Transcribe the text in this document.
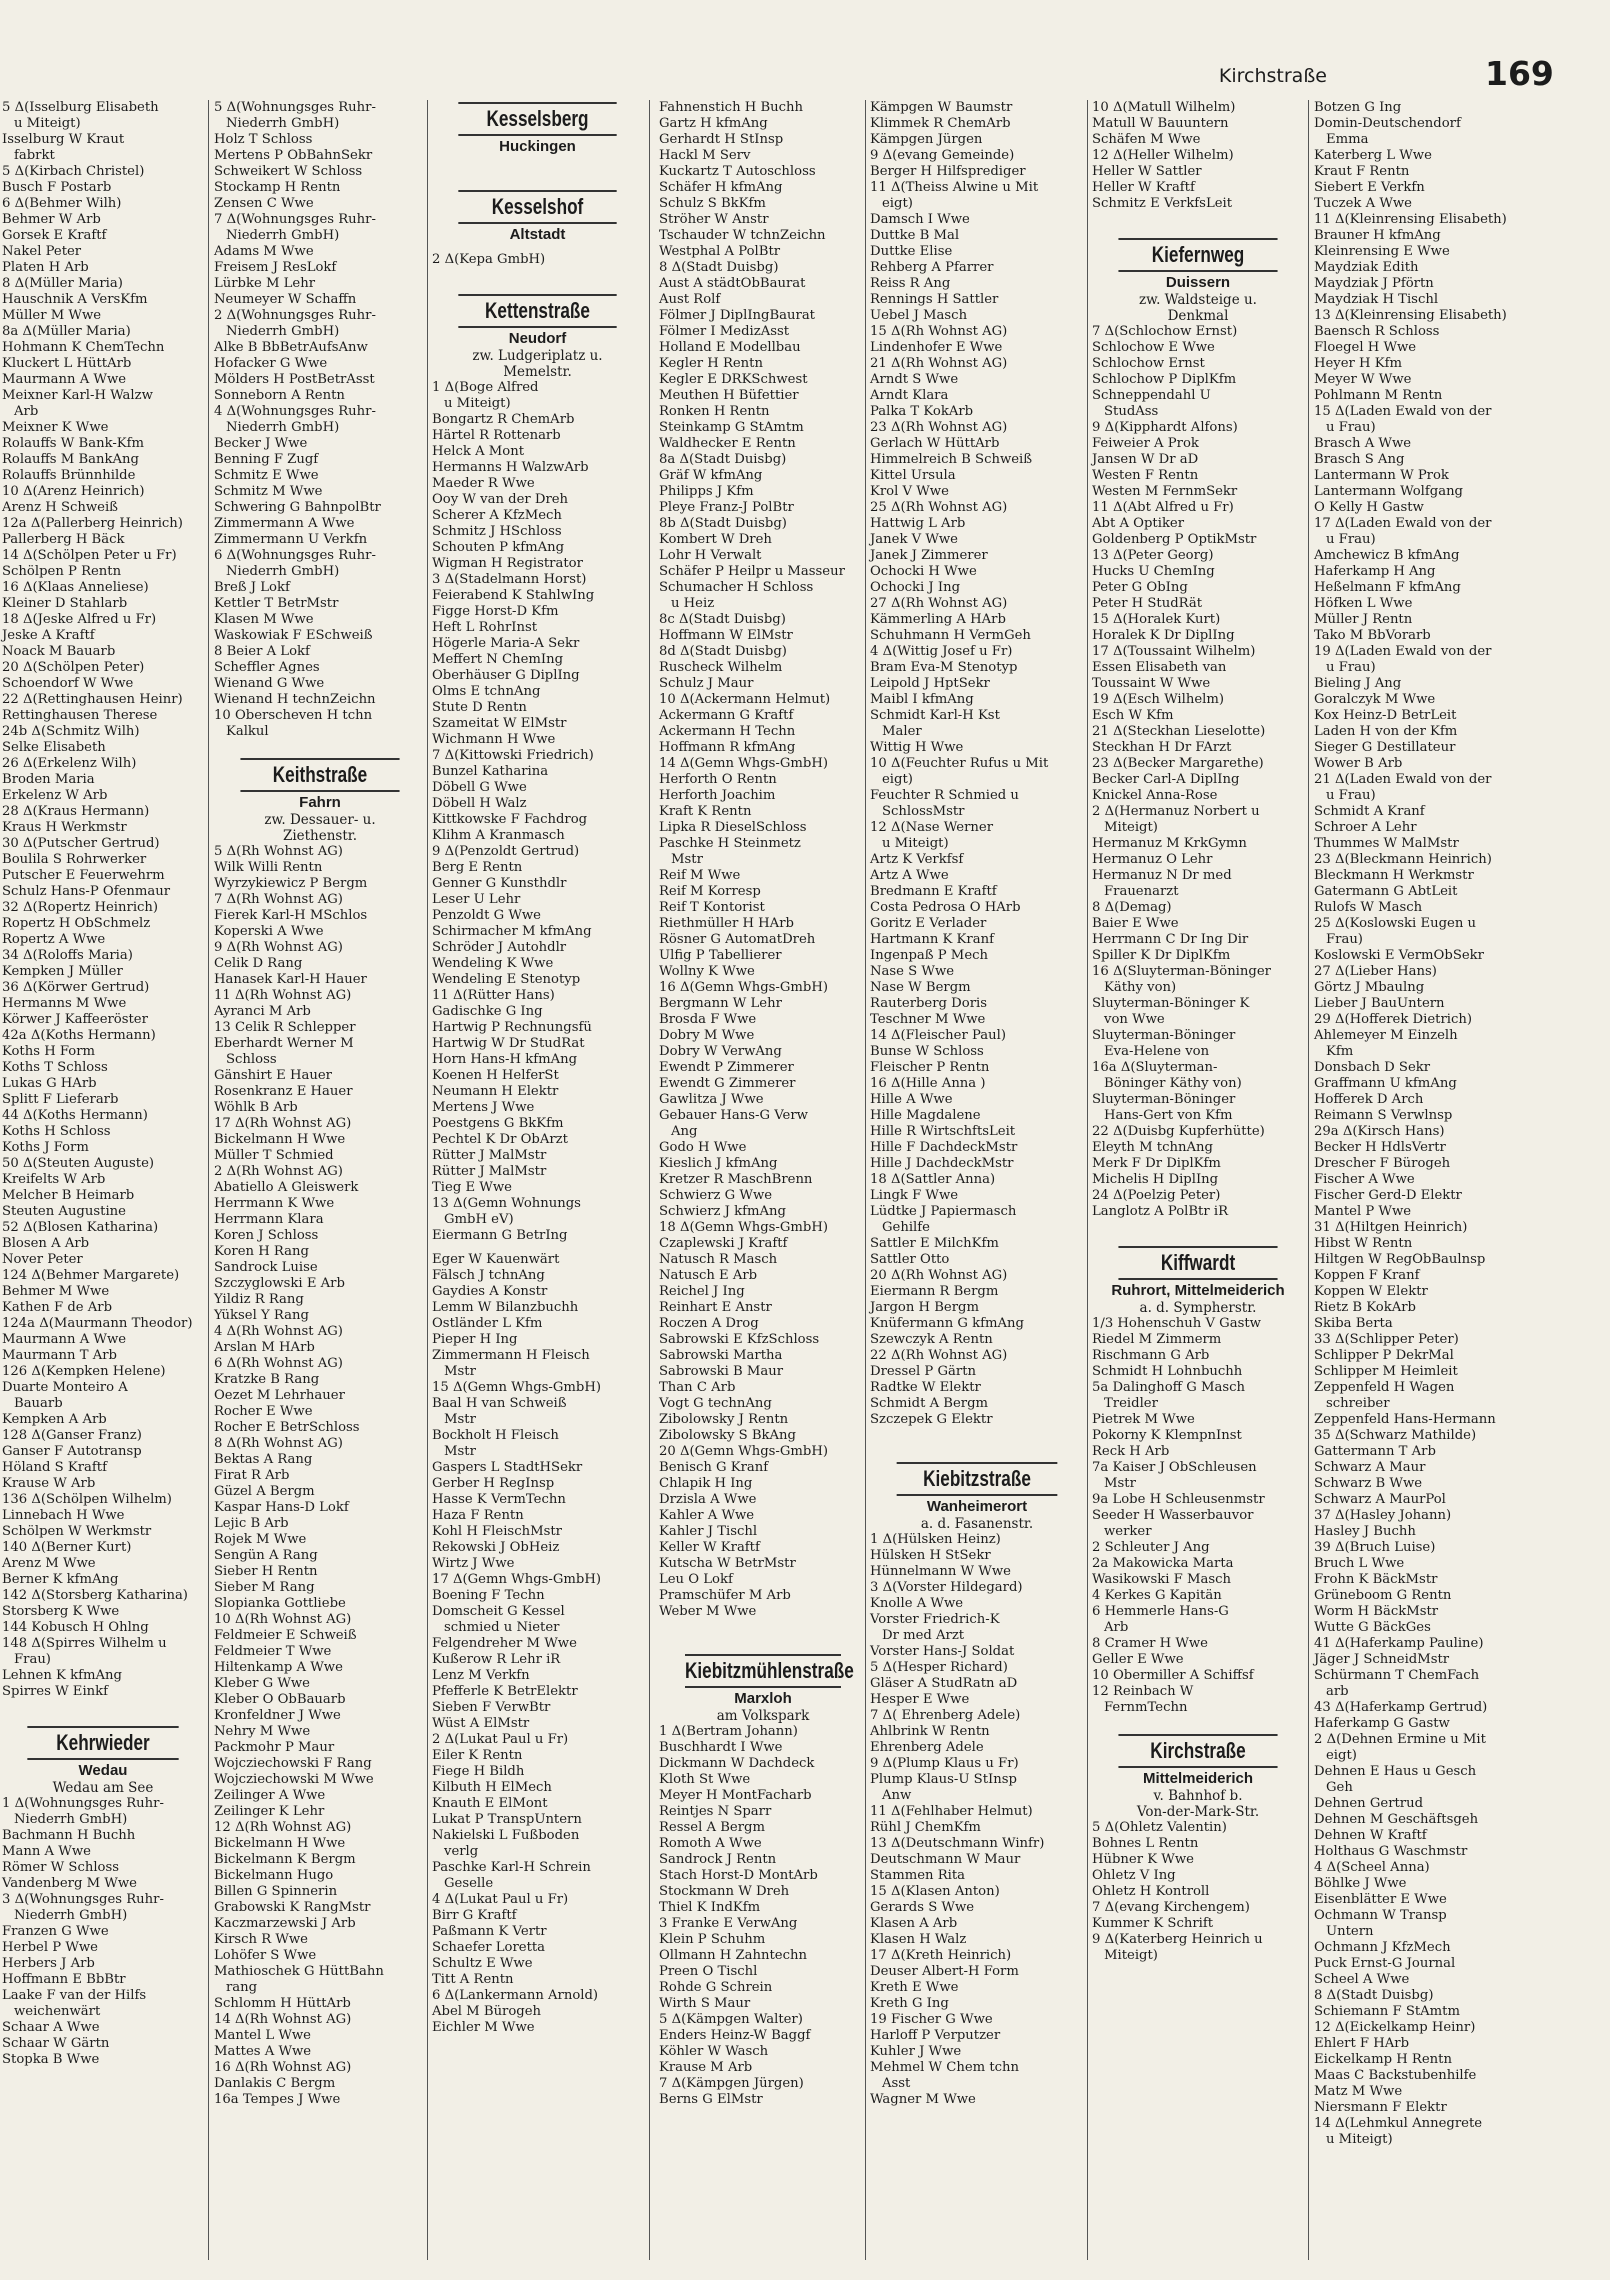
Kirchstraße	169
5 Δ(Isselburg Elisabeth
u Miteigt)
Isselburg W Kraut
fabrkt
5 Δ(Kirbach Christel)
Busch F Postarb
6 Δ(Behmer Wilh)
Behmer W Arb
Gorsek E Kraftf
Nakel Peter
Platen H Arb
8 Δ(Müller Maria)
Hauschnik A VersKfm
Müller M Wwe
8a Δ(Müller Maria)
Hohmann K ChemTechn
Kluckert L HüttArb
Maurmann A Wwe
Meixner Karl-H Walzw
Arb
Meixner K Wwe
Rolauffs W Bank-Kfm
Rolauffs M BankAng
Rolauffs Brünnhilde
10 Δ(Arenz Heinrich)
Arenz H Schweiß
12a Δ(Pallerberg Heinrich)
Pallerberg H Bäck
14 Δ(Schölpen Peter u Fr)
Schölpen P Rentn
16 Δ(Klaas Anneliese)
Kleiner D Stahlarb
18 Δ(Jeske Alfred u Fr)
Jeske A Kraftf
Noack M Bauarb
20 Δ(Schölpen Peter)
Schoendorf W Wwe
22 Δ(Rettinghausen Heinr)
Rettinghausen Therese
24b Δ(Schmitz Wilh)
Selke Elisabeth
26 Δ(Erkelenz Wilh)
Broden Maria
Erkelenz W Arb
28 Δ(Kraus Hermann)
Kraus H Werkmstr
30 Δ(Putscher Gertrud)
Boulila S Rohrwerker
Putscher E Feuerwehrm
Schulz Hans-P Ofenmaur
32 Δ(Ropertz Heinrich)
Ropertz H ObSchmelz
Ropertz A Wwe
34 Δ(Roloffs Maria)
Kempken J Müller
36 Δ(Körwer Gertrud)
Hermanns M Wwe
Körwer J Kaffeeröster
42a Δ(Koths Hermann)
Koths H Form
Koths T Schloss
Lukas G HArb
Splitt F Lieferarb
44 Δ(Koths Hermann)
Koths H Schloss
Koths J Form
50 Δ(Steuten Auguste)
Kreifelts W Arb
Melcher B Heimarb
Steuten Augustine
52 Δ(Blosen Katharina)
Blosen A Arb
Nover Peter
124 Δ(Behmer Margarete)
Behmer M Wwe
Kathen F de Arb
124a Δ(Maurmann Theodor)
Maurmann A Wwe
Maurmann T Arb
126 Δ(Kempken Helene)
Duarte Monteiro A
Bauarb
Kempken A Arb
128 Δ(Ganser Franz)
Ganser F Autotransp
Höland S Kraftf
Krause W Arb
136 Δ(Schölpen Wilhelm)
Linnebach H Wwe
Schölpen W Werkmstr
140 Δ(Berner Kurt)
Arenz M Wwe
Berner K kfmAng
142 Δ(Storsberg Katharina)
Storsberg K Wwe
144 Kobusch H Ohlng
148 Δ(Spirres Wilhelm u
Frau)
Lehnen K kfmAng
Spirres W Einkf
Kehrwieder
Wedau
Wedau am See
1 Δ(Wohnungsges Ruhr-
Niederrh GmbH)
Bachmann H Buchh
Mann A Wwe
Römer W Schloss
Vandenberg M Wwe
3 Δ(Wohnungsges Ruhr-
Niederrh GmbH)
Franzen G Wwe
Herbel P Wwe
Herbers J Arb
Hoffmann E BbBtr
Laake F van der Hilfs
weichenwärt
Schaar A Wwe
Schaar W Gärtn
Stopka B Wwe
5 Δ(Wohnungsges Ruhr-
Niederrh GmbH)
Holz T Schloss
Mertens P ObBahnSekr
Schweikert W Schloss
Stockamp H Rentn
Zensen C Wwe
7 Δ(Wohnungsges Ruhr-
Niederrh GmbH)
Adams M Wwe
Freisem J ResLokf
Lürbke M Lehr
Neumeyer W Schaffn
2 Δ(Wohnungsges Ruhr-
Niederrh GmbH)
Alke B BbBetrAufsAnw
Hofacker G Wwe
Mölders H PostBetrAsst
Sonneborn A Rentn
4 Δ(Wohnungsges Ruhr-
Niederrh GmbH)
Becker J Wwe
Benning F Zugf
Schmitz E Wwe
Schmitz M Wwe
Schwering G BahnpolBtr
Zimmermann A Wwe
Zimmermann U Verkfn
6 Δ(Wohnungsges Ruhr-
Niederrh GmbH)
Breß J Lokf
Kettler T BetrMstr
Klasen M Wwe
Waskowiak F ESchweiß
8 Beier A Lokf
Scheffler Agnes
Wienand G Wwe
Wienand H technZeichn
10 Oberscheven H tchn
Kalkul
Keithstraße
Fahrn
zw. Dessauer- u.
Ziethenstr.
5 Δ(Rh Wohnst AG)
Wilk Willi Rentn
Wyrzykiewicz P Bergm
7 Δ(Rh Wohnst AG)
Fierek Karl-H MSchlos
Koperski A Wwe
9 Δ(Rh Wohnst AG)
Celik D Rang
Hanasek Karl-H Hauer
11 Δ(Rh Wohnst AG)
Ayranci M Arb
13 Celik R Schlepper
Eberhardt Werner M
Schloss
Gänshirt E Hauer
Rosenkranz E Hauer
Wöhlk B Arb
17 Δ(Rh Wohnst AG)
Bickelmann H Wwe
Müller T Schmied
2 Δ(Rh Wohnst AG)
Abatiello A Gleiswerk
Herrmann K Wwe
Herrmann Klara
Koren J Schloss
Koren H Rang
Sandrock Luise
Szczyglowski E Arb
Yildiz R Rang
Yüksel Y Rang
4 Δ(Rh Wohnst AG)
Arslan M HArb
6 Δ(Rh Wohnst AG)
Kratzke B Rang
Oezet M Lehrhauer
Rocher E Wwe
Rocher E BetrSchloss
8 Δ(Rh Wohnst AG)
Bektas A Rang
Firat R Arb
Güzel A Bergm
Kaspar Hans-D Lokf
Lejic B Arb
Rojek M Wwe
Sengün A Rang
Sieber H Rentn
Sieber M Rang
Slopianka Gottliebe
10 Δ(Rh Wohnst AG)
Feldmeier E Schweiß
Feldmeier T Wwe
Hiltenkamp A Wwe
Kleber G Wwe
Kleber O ObBauarb
Kronfeldner J Wwe
Nehry M Wwe
Packmohr P Maur
Wojcziechowski F Rang
Wojcziechowski M Wwe
Zeilinger A Wwe
Zeilinger K Lehr
12 Δ(Rh Wohnst AG)
Bickelmann H Wwe
Bickelmann K Bergm
Bickelmann Hugo
Billen G Spinnerin
Grabowski K RangMstr
Kaczmarzewski J Arb
Kirsch R Wwe
Lohöfer S Wwe
Mathioschek G HüttBahn
rang
Schlomm H HüttArb
14 Δ(Rh Wohnst AG)
Mantel L Wwe
Mattes A Wwe
16 Δ(Rh Wohnst AG)
Danlakis C Bergm
16a Tempes J Wwe
Kesselsberg
Huckingen
Kesselshof
Altstadt
2 Δ(Kepa GmbH)
Kettenstraße
Neudorf
zw. Ludgeriplatz u.
Memelstr.
1 Δ(Boge Alfred
u Miteigt)
Bongartz R ChemArb
Härtel R Rottenarb
Helck A Mont
Hermanns H WalzwArb
Maeder R Wwe
Ooy W van der Dreh
Scherer A KfzMech
Schmitz J HSchloss
Schouten P kfmAng
Wigman H Registrator
3 Δ(Stadelmann Horst)
Feierabend K StahlwIng
Figge Horst-D Kfm
Heft L RohrInst
Högerle Maria-A Sekr
Meffert N ChemIng
Oberhäuser G DiplIng
Olms E tchnAng
Stute D Rentn
Szameitat W ElMstr
Wichmann H Wwe
7 Δ(Kittowski Friedrich)
Bunzel Katharina
Döbell G Wwe
Döbell H Walz
Kittkowske F Fachdrog
Klihm A Kranmasch
9 Δ(Penzoldt Gertrud)
Berg E Rentn
Genner G Kunsthdlr
Leser U Lehr
Penzoldt G Wwe
Schirmacher M kfmAng
Schröder J Autohdlr
Wendeling K Wwe
Wendeling E Stenotyp
11 Δ(Rütter Hans)
Gadischke G Ing
Hartwig P Rechnungsfü
Hartwig W Dr StudRat
Horn Hans-H kfmAng
Koenen H HelferSt
Neumann H Elektr
Mertens J Wwe
Poestgens G BkKfm
Pechtel K Dr ObArzt
Rütter J MalMstr
Rütter J MalMstr
Tieg E Wwe
13 Δ(Gemn Wohnungs
GmbH eV)
Eiermann G BetrIng
Eger W Kauenwärt
Fälsch J tchnAng
Gaydies A Konstr
Lemm W Bilanzbuchh
Ostländer L Kfm
Pieper H Ing
Zimmermann H Fleisch
Mstr
15 Δ(Gemn Whgs-GmbH)
Baal H van Schweiß
Mstr
Bockholt H Fleisch
Mstr
Gaspers L StadtHSekr
Gerber H RegInsp
Hasse K VermTechn
Haza F Rentn
Kohl H FleischMstr
Rekowski J ObHeiz
Wirtz J Wwe
17 Δ(Gemn Whgs-GmbH)
Boening F Techn
Domscheit G Kessel
schmied u Nieter
Felgendreher M Wwe
Kußerow R Lehr iR
Lenz M Verkfn
Pfefferle K BetrElektr
Sieben F VerwBtr
Wüst A ElMstr
2 Δ(Lukat Paul u Fr)
Eiler K Rentn
Fiege H Bildh
Kilbuth H ElMech
Knauth E ElMont
Lukat P TranspUntern
Nakielski L Fußboden
verlg
Paschke Karl-H Schrein
Geselle
4 Δ(Lukat Paul u Fr)
Birr G Kraftf
Paßmann K Vertr
Schaefer Loretta
Schultz E Wwe
Titt A Rentn
6 Δ(Lankermann Arnold)
Abel M Bürogeh
Eichler M Wwe
Fahnenstich H Buchh
Gartz H kfmAng
Gerhardt H StInsp
Hackl M Serv
Kuckartz T Autoschloss
Schäfer H kfmAng
Schulz S BkKfm
Ströher W Anstr
Tschauder W tchnZeichn
Westphal A PolBtr
8 Δ(Stadt Duisbg)
Aust A städtObBaurat
Aust Rolf
Fölmer J DiplIngBaurat
Fölmer I MedizAsst
Holland E Modellbau
Kegler H Rentn
Kegler E DRKSchwest
Meuthen H Büfettier
Ronken H Rentn
Steinkamp G StAmtm
Waldhecker E Rentn
8a Δ(Stadt Duisbg)
Gräf W kfmAng
Philipps J Kfm
Pleye Franz-J PolBtr
8b Δ(Stadt Duisbg)
Kombert W Dreh
Lohr H Verwalt
Schäfer P Heilpr u Masseur
Schumacher H Schloss
u Heiz
8c Δ(Stadt Duisbg)
Hoffmann W ElMstr
8d Δ(Stadt Duisbg)
Ruscheck Wilhelm
Schulz J Maur
10 Δ(Ackermann Helmut)
Ackermann G Kraftf
Ackermann H Techn
Hoffmann R kfmAng
14 Δ(Gemn Whgs-GmbH)
Herforth O Rentn
Herforth Joachim
Kraft K Rentn
Lipka R DieselSchloss
Paschke H Steinmetz
Mstr
Reif M Wwe
Reif M Korresp
Reif T Kontorist
Riethmüller H HArb
Rösner G AutomatDreh
Ulfig P Tabellierer
Wollny K Wwe
16 Δ(Gemn Whgs-GmbH)
Bergmann W Lehr
Brosda F Wwe
Dobry M Wwe
Dobry W VerwAng
Ewendt P Zimmerer
Ewendt G Zimmerer
Gawlitza J Wwe
Gebauer Hans-G Verw
Ang
Godo H Wwe
Kieslich J kfmAng
Kretzer R MaschBrenn
Schwierz G Wwe
Schwierz J kfmAng
18 Δ(Gemn Whgs-GmbH)
Czaplewski J Kraftf
Natusch R Masch
Natusch E Arb
Reichel J Ing
Reinhart E Anstr
Roczen A Drog
Sabrowski E KfzSchloss
Sabrowski Martha
Sabrowski B Maur
Than C Arb
Vogt G technAng
Zibolowsky J Rentn
Zibolowsky S BkAng
20 Δ(Gemn Whgs-GmbH)
Benisch G Kranf
Chlapik H Ing
Drzisla A Wwe
Kahler A Wwe
Kahler J Tischl
Keller W Kraftf
Kutscha W BetrMstr
Leu O Lokf
Pramschüfer M Arb
Weber M Wwe
Kiebitzmühlenstraße
Marxloh
am Volkspark
1 Δ(Bertram Johann)
Buschhardt I Wwe
Dickmann W Dachdeck
Kloth St Wwe
Meyer H MontFacharb
Reintjes N Sparr
Ressel A Bergm
Romoth A Wwe
Sandrock J Rentn
Stach Horst-D MontArb
Stockmann W Dreh
Thiel K IndKfm
3 Franke E VerwAng
Klein P Schuhm
Ollmann H Zahntechn
Preen O Tischl
Rohde G Schrein
Wirth S Maur
5 Δ(Kämpgen Walter)
Enders Heinz-W Baggf
Köhler W Wasch
Krause M Arb
7 Δ(Kämpgen Jürgen)
Berns G ElMstr
Kämpgen W Baumstr
Klimmek R ChemArb
Kämpgen Jürgen
9 Δ(evang Gemeinde)
Berger H Hilfsprediger
11 Δ(Theiss Alwine u Mit
eigt)
Damsch I Wwe
Duttke B Mal
Duttke Elise
Rehberg A Pfarrer
Reiss R Ang
Rennings H Sattler
Uebel J Masch
15 Δ(Rh Wohnst AG)
Lindenhofer E Wwe
21 Δ(Rh Wohnst AG)
Arndt S Wwe
Arndt Klara
Palka T KokArb
23 Δ(Rh Wohnst AG)
Gerlach W HüttArb
Himmelreich B Schweiß
Kittel Ursula
Krol V Wwe
25 Δ(Rh Wohnst AG)
Hattwig L Arb
Janek V Wwe
Janek J Zimmerer
Ochocki H Wwe
Ochocki J Ing
27 Δ(Rh Wohnst AG)
Kämmerling A HArb
Schuhmann H VermGeh
4 Δ(Wittig Josef u Fr)
Bram Eva-M Stenotyp
Leipold J HptSekr
Maibl I kfmAng
Schmidt Karl-H Kst
Maler
Wittig H Wwe
10 Δ(Feuchter Rufus u Mit
eigt)
Feuchter R Schmied u
SchlossMstr
12 Δ(Nase Werner
u Miteigt)
Artz K Verkfsf
Artz A Wwe
Bredmann E Kraftf
Costa Pedrosa O HArb
Goritz E Verlader
Hartmann K Kranf
Ingenpaß P Mech
Nase S Wwe
Nase W Bergm
Rauterberg Doris
Teschner M Wwe
14 Δ(Fleischer Paul)
Bunse W Schloss
Fleischer P Rentn
16 Δ(Hille Anna )
Hille A Wwe
Hille Magdalene
Hille R WirtschftsLeit
Hille F DachdeckMstr
Hille J DachdeckMstr
18 Δ(Sattler Anna)
Lingk F Wwe
Lüdtke J Papiermasch
Gehilfe
Sattler E MilchKfm
Sattler Otto
20 Δ(Rh Wohnst AG)
Eiermann R Bergm
Jargon H Bergm
Knüfermann G kfmAng
Szewczyk A Rentn
22 Δ(Rh Wohnst AG)
Dressel P Gärtn
Radtke W Elektr
Schmidt A Bergm
Szczepek G Elektr
Kiebitzstraße
Wanheimerort
a. d. Fasanenstr.
1 Δ(Hülsken Heinz)
Hülsken H StSekr
Hünnelmann W Wwe
3 Δ(Vorster Hildegard)
Knolle A Wwe
Vorster Friedrich-K
Dr med Arzt
Vorster Hans-J Soldat
5 Δ(Hesper Richard)
Gläser A StudRatn aD
Hesper E Wwe
7 Δ( Ehrenberg Adele)
Ahlbrink W Rentn
Ehrenberg Adele
9 Δ(Plump Klaus u Fr)
Plump Klaus-U StInsp
Anw
11 Δ(Fehlhaber Helmut)
Rühl J ChemKfm
13 Δ(Deutschmann Winfr)
Deutschmann W Maur
Stammen Rita
15 Δ(Klasen Anton)
Gerards S Wwe
Klasen A Arb
Klasen H Walz
17 Δ(Kreth Heinrich)
Deuser Albert-H Form
Kreth E Wwe
Kreth G Ing
19 Fischer G Wwe
Harloff P Verputzer
Kuhler J Wwe
Mehmel W Chem tchn
Asst
Wagner M Wwe
10 Δ(Matull Wilhelm)
Matull W Bauuntern
Schäfen M Wwe
12 Δ(Heller Wilhelm)
Heller W Sattler
Heller W Kraftf
Schmitz E VerkfsLeit
Kiefernweg
Duissern
zw. Waldsteige u.
Denkmal
7 Δ(Schlochow Ernst)
Schlochow E Wwe
Schlochow Ernst
Schlochow P DiplKfm
Schneppendahl U
StudAss
9 Δ(Kipphardt Alfons)
Feiweier A Prok
Jansen W Dr aD
Westen F Rentn
Westen M FernmSekr
11 Δ(Abt Alfred u Fr)
Abt A Optiker
Goldenberg P OptikMstr
13 Δ(Peter Georg)
Hucks U ChemIng
Peter G ObIng
Peter H StudRät
15 Δ(Horalek Kurt)
Horalek K Dr DiplIng
17 Δ(Toussaint Wilhelm)
Essen Elisabeth van
Toussaint W Wwe
19 Δ(Esch Wilhelm)
Esch W Kfm
21 Δ(Steckhan Lieselotte)
Steckhan H Dr FArzt
23 Δ(Becker Margarethe)
Becker Carl-A DiplIng
Knickel Anna-Rose
2 Δ(Hermanuz Norbert u
Miteigt)
Hermanuz M KrkGymn
Hermanuz O Lehr
Hermanuz N Dr med
Frauenarzt
8 Δ(Demag)
Baier E Wwe
Herrmann C Dr Ing Dir
Spiller K Dr DiplKfm
16 Δ(Sluyterman-Böninger
Käthy von)
Sluyterman-Böninger K
von Wwe
Sluyterman-Böninger
Eva-Helene von
16a Δ(Sluyterman-
Böninger Käthy von)
Sluyterman-Böninger
Hans-Gert von Kfm
22 Δ(Duisbg Kupferhütte)
Eleyth M tchnAng
Merk F Dr DiplKfm
Michelis H DiplIng
24 Δ(Poelzig Peter)
Langlotz A PolBtr iR
Kiffwardt
Ruhrort, Mittelmeiderich
a. d. Sympherstr.
1/3 Hohenschuh V Gastw
Riedel M Zimmerm
Rischmann G Arb
Schmidt H Lohnbuchh
5a Dalinghoff G Masch
Treidler
Pietrek M Wwe
Pokorny K KlempnInst
Reck H Arb
7a Kaiser J ObSchleusen
Mstr
9a Lobe H Schleusenmstr
Seeder H Wasserbauvor
werker
2 Schleuter J Ang
2a Makowicka Marta
Wasikowski F Masch
4 Kerkes G Kapitän
6 Hemmerle Hans-G
Arb
8 Cramer H Wwe
Geller E Wwe
10 Obermiller A Schiffsf
12 Reinbach W
FernmTechn
Kirchstraße
Mittelmeiderich
v. Bahnhof b.
Von-der-Mark-Str.
5 Δ(Ohletz Valentin)
Bohnes L Rentn
Hübner K Wwe
Ohletz V Ing
Ohletz H Kontroll
7 Δ(evang Kirchengem)
Kummer K Schrift
9 Δ(Katerberg Heinrich u
Miteigt)
Botzen G Ing
Domin-Deutschendorf
Emma
Katerberg L Wwe
Kraut F Rentn
Siebert E Verkfn
Tuczek A Wwe
11 Δ(Kleinrensing Elisabeth)
Brauner H kfmAng
Kleinrensing E Wwe
Maydziak Edith
Maydziak J Pförtn
Maydziak H Tischl
13 Δ(Kleinrensing Elisabeth)
Baensch R Schloss
Floegel H Wwe
Heyer H Kfm
Meyer W Wwe
Pohlmann M Rentn
15 Δ(Laden Ewald von der
u Frau)
Brasch A Wwe
Brasch S Ang
Lantermann W Prok
Lantermann Wolfgang
O Kelly H Gastw
17 Δ(Laden Ewald von der
u Frau)
Amchewicz B kfmAng
Haferkamp H Ang
Heßelmann F kfmAng
Höfken L Wwe
Müller J Rentn
Tako M BbVorarb
19 Δ(Laden Ewald von der
u Frau)
Bieling J Ang
Goralczyk M Wwe
Kox Heinz-D BetrLeit
Laden H von der Kfm
Sieger G Destillateur
Wower B Arb
21 Δ(Laden Ewald von der
u Frau)
Schmidt A Kranf
Schroer A Lehr
Thummes W MalMstr
23 Δ(Bleckmann Heinrich)
Bleckmann H Werkmstr
Gatermann G AbtLeit
Rulofs W Masch
25 Δ(Koslowski Eugen u
Frau)
Koslowski E VermObSekr
27 Δ(Lieber Hans)
Görtz J Mbaulng
Lieber J BauUntern
29 Δ(Hofferek Dietrich)
Ahlemeyer M Einzelh
Kfm
Donsbach D Sekr
Graffmann U kfmAng
Hofferek D Arch
Reimann S Verwlnsp
29a Δ(Kirsch Hans)
Becker H HdlsVertr
Drescher F Bürogeh
Fischer A Wwe
Fischer Gerd-D Elektr
Mantel P Wwe
31 Δ(Hiltgen Heinrich)
Hibst W Rentn
Hiltgen W RegObBaulnsp
Koppen F Kranf
Koppen W Elektr
Rietz B KokArb
Skiba Berta
33 Δ(Schlipper Peter)
Schlipper P DekrMal
Schlipper M Heimleit
Zeppenfeld H Wagen
schreiber
Zeppenfeld Hans-Hermann
35 Δ(Schwarz Mathilde)
Gattermann T Arb
Schwarz A Maur
Schwarz B Wwe
Schwarz A MaurPol
37 Δ(Hasley Johann)
Hasley J Buchh
39 Δ(Bruch Luise)
Bruch L Wwe
Frohn K BäckMstr
Grüneboom G Rentn
Worm H BäckMstr
Wutte G BäckGes
41 Δ(Haferkamp Pauline)
Jäger J SchneidMstr
Schürmann T ChemFach
arb
43 Δ(Haferkamp Gertrud)
Haferkamp G Gastw
2 Δ(Dehnen Ermine u Mit
eigt)
Dehnen E Haus u Gesch
Geh
Dehnen Gertrud
Dehnen M Geschäftsgeh
Dehnen W Kraftf
Holthaus G Waschmstr
4 Δ(Scheel Anna)
Böhlke J Wwe
Eisenblätter E Wwe
Ochmann W Transp
Untern
Ochmann J KfzMech
Puck Ernst-G Journal
Scheel A Wwe
8 Δ(Stadt Duisbg)
Schiemann F StAmtm
12 Δ(Eickelkamp Heinr)
Ehlert F HArb
Eickelkamp H Rentn
Maas C Backstubenhilfe
Matz M Wwe
Niersmann F Elektr
14 Δ(Lehmkul Annegrete
u Miteigt)
